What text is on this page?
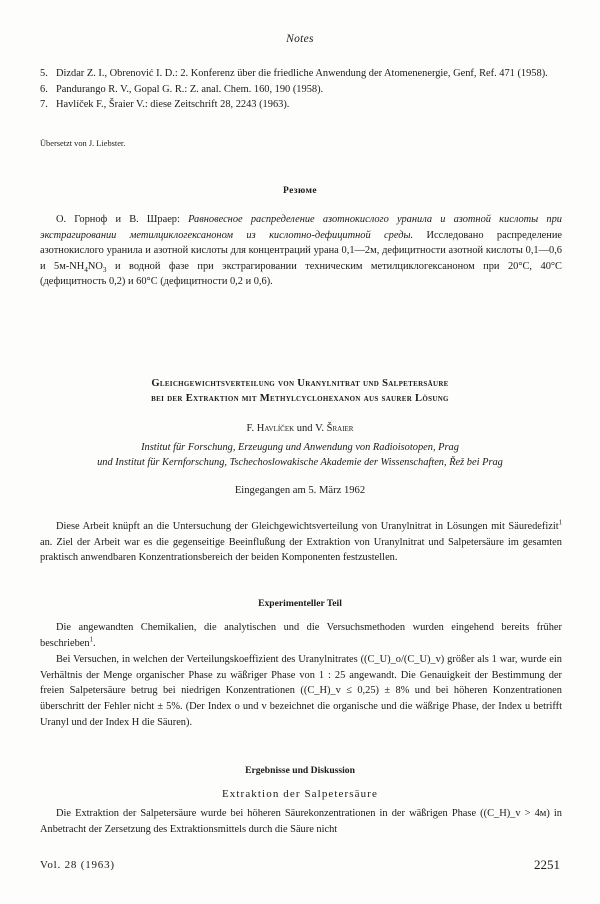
Notes
5. Dizdar Z. I., Obrenović I. D.: 2. Konferenz über die friedliche Anwendung der Atomenenergie, Genf, Ref. 471 (1958).
6. Pandurango R. V., Gopal G. R.: Z. anal. Chem. 160, 190 (1958).
7. Havlíček F., Šraier V.: diese Zeitschrift 28, 2243 (1963).
Übersetzt von J. Liebster.
Резюме
О. Горноф и В. Шраер: Равновесное распределение азотнокислого уранила и азотной кислоты при экстрагировании метилциклогексаноном из кислотно-дефицитной среды. Исследовано распределение азотнокислого уранила и азотной кислоты для концентраций урана 0,1—2м, дефицитности азотной кислоты 0,1—0,6 и $5м-NH_4NO_3$ и водной фазе при экстрагировании техническим метилциклогексаноном при 20°C, 40°C (дефицитность 0,2) и 60°C (дефицитности 0,2 и 0,6).
Gleichgewichtsverteilung von Uranylnitrat und Salpetersäure
bei der Extraktion mit Methylcyclohexanon aus saurer Lösung
F. Havlíček und V. Šraier
Institut für Forschung, Erzeugung und Anwendung von Radioisotopen, Prag
und Institut für Kernforschung, Tschechoslowakische Akademie der Wissenschaften, Řež bei Prag
Eingegangen am 5. März 1962
Diese Arbeit knüpft an die Untersuchung der Gleichgewichtsverteilung von Uranylnitrat in Lösungen mit Säuredefizit$^1$ an. Ziel der Arbeit war es die gegenseitige Beeinflußung der Extraktion von Uranylnitrat und Salpetersäure im gesamten praktisch anwendbaren Konzentrationsbereich der beiden Komponenten festzustellen.
Experimenteller Teil
Die angewandten Chemikalien, die analytischen und die Versuchsmethoden wurden eingehend bereits früher beschrieben$^1$.
Bei Versuchen, in welchen der Verteilungskoeffizient des Uranylnitrates ((C_U)_o/(C_U)_v) größer als 1 war, wurde ein Verhältnis der Menge organischer Phase zu wäßriger Phase von 1 : 25 angewandt. Die Genauigkeit der Bestimmung der freien Salpetersäure betrug bei niedrigen Konzentrationen ((C_H)_v ≤ 0,25) ± 8% und bei höheren Konzentrationen überschritt der Fehler nicht ± 5%. (Der Index o und v bezeichnet die organische und die wäßrige Phase, der Index u betrifft Uranyl und der Index H die Säuren).
Ergebnisse und Diskussion
Extraktion der Salpetersäure
Die Extraktion der Salpetersäure wurde bei höheren Säurekonzentrationen in der wäßrigen Phase ((C_H)_v > 4м) in Anbetracht der Zersetzung des Extraktionsmittels durch die Säure nicht
Vol. 28 (1963)	2251
